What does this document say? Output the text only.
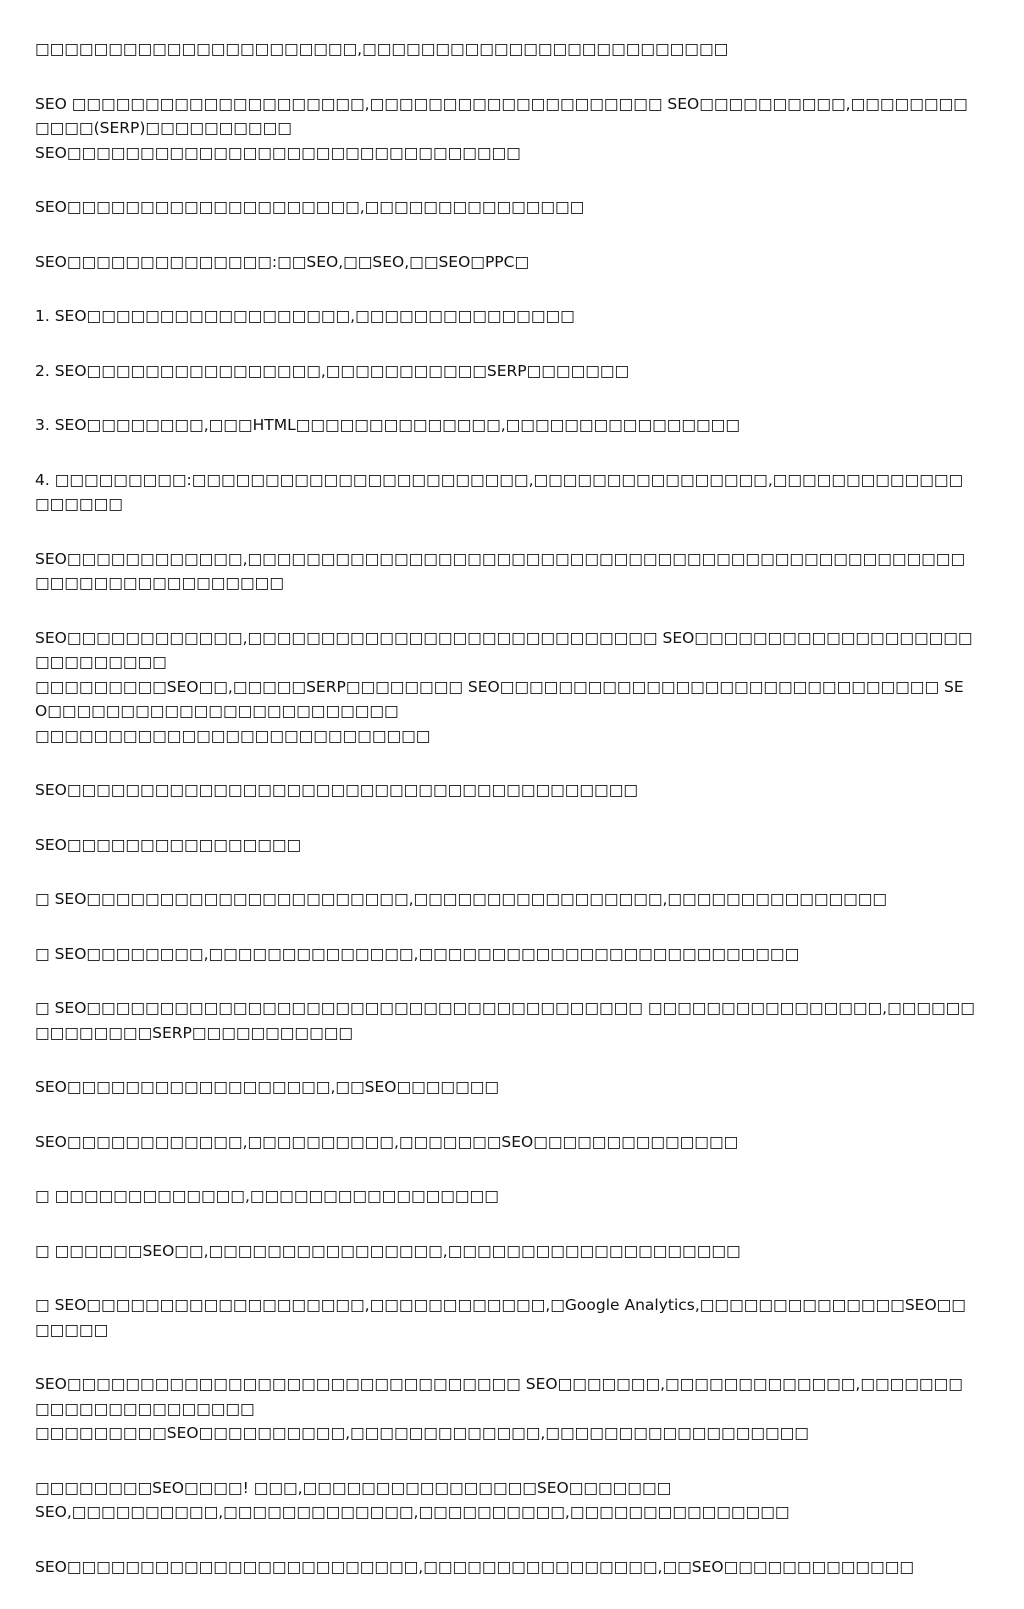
□□□□□□□□□□□□□□□□□□□□□□,□□□□□□□□□□□□□□□□□□□□□□□□□

SEO □□□□□□□□□□□□□□□□□□□□,□□□□□□□□□□□□□□□□□□□□ SEO□□□□□□□□□□,□□□□□□□□□□□□(SERP)□□□□□□□□□□
SEO□□□□□□□□□□□□□□□□□□□□□□□□□□□□□□□

SEO□□□□□□□□□□□□□□□□□□□□,□□□□□□□□□□□□□□□

SEO□□□□□□□□□□□□□□:□□SEO,□□SEO,□□SEO□PPC□

1. SEO□□□□□□□□□□□□□□□□□□,□□□□□□□□□□□□□□□

2. SEO□□□□□□□□□□□□□□□□,□□□□□□□□□□□SERP□□□□□□□

3. SEO□□□□□□□□,□□□HTML□□□□□□□□□□□□□□,□□□□□□□□□□□□□□□□

4. □□□□□□□□□:□□□□□□□□□□□□□□□□□□□□□□□,□□□□□□□□□□□□□□□□,□□□□□□□□□□□□□□□□□□□

SEO□□□□□□□□□□□□,□□□□□□□□□□□□□□□□□□□□□□□□□□□□□□□□□□□□□□□□□□□□□□□□□□□□□□□□□□□□□□□□□□

SEO□□□□□□□□□□□□,□□□□□□□□□□□□□□□□□□□□□□□□□□□□ SEO□□□□□□□□□□□□□□□□□□□□□□□□□□□□
□□□□□□□□□SEO□□,□□□□□SERP□□□□□□□□ SEO□□□□□□□□□□□□□□□□□□□□□□□□□□□□□□ SEO□□□□□□□□□□□□□□□□□□□□□□□□
□□□□□□□□□□□□□□□□□□□□□□□□□□□

SEO□□□□□□□□□□□□□□□□□□□□□□□□□□□□□□□□□□□□□□□

SEO□□□□□□□□□□□□□□□□

□ SEO□□□□□□□□□□□□□□□□□□□□□□,□□□□□□□□□□□□□□□□□,□□□□□□□□□□□□□□□

□ SEO□□□□□□□□,□□□□□□□□□□□□□□,□□□□□□□□□□□□□□□□□□□□□□□□□□

□ SEO□□□□□□□□□□□□□□□□□□□□□□□□□□□□□□□□□□□□□□ □□□□□□□□□□□□□□□□,□□□□□□□□□□□□□□SERP□□□□□□□□□□□

SEO□□□□□□□□□□□□□□□□□□,□□SEO□□□□□□□

SEO□□□□□□□□□□□□,□□□□□□□□□□,□□□□□□□SEO□□□□□□□□□□□□□□

□ □□□□□□□□□□□□□,□□□□□□□□□□□□□□□□□

□ □□□□□□SEO□□,□□□□□□□□□□□□□□□□,□□□□□□□□□□□□□□□□□□□□

□ SEO□□□□□□□□□□□□□□□□□□□,□□□□□□□□□□□□,□Google Analytics,□□□□□□□□□□□□□□SEO□□□□□□□

SEO□□□□□□□□□□□□□□□□□□□□□□□□□□□□□□□ SEO□□□□□□□,□□□□□□□□□□□□□,□□□□□□□□□□□□□□□□□□□□□□
□□□□□□□□□SEO□□□□□□□□□□,□□□□□□□□□□□□□,□□□□□□□□□□□□□□□□□□

□□□□□□□□SEO□□□□! □□□,□□□□□□□□□□□□□□□□SEO□□□□□□□
SEO,□□□□□□□□□□,□□□□□□□□□□□□□,□□□□□□□□□□,□□□□□□□□□□□□□□□

SEO□□□□□□□□□□□□□□□□□□□□□□□□,□□□□□□□□□□□□□□□□,□□SEO□□□□□□□□□□□□□
